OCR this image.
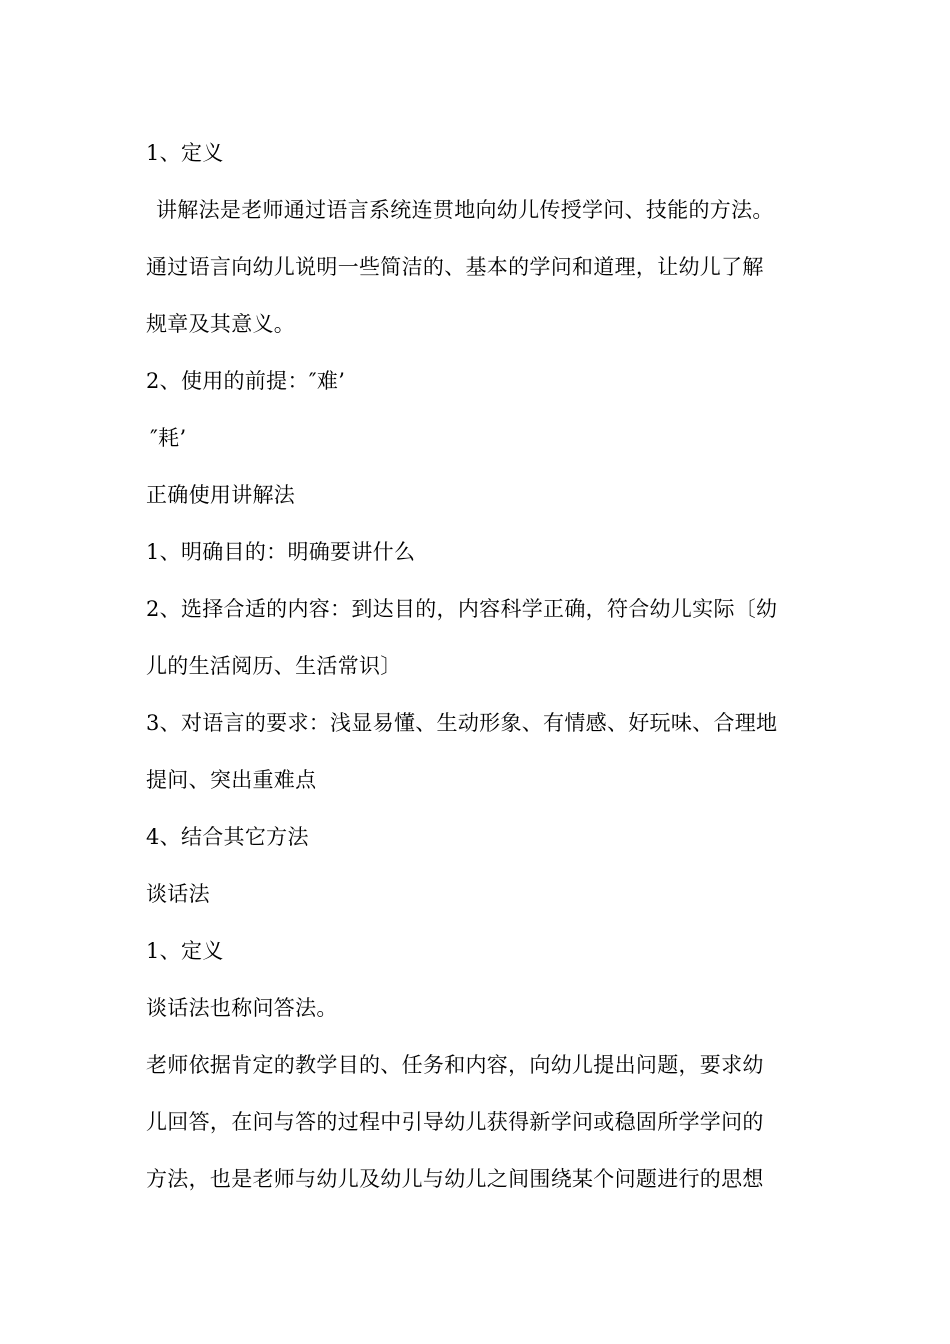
1、定义
讲解法是老师通过语言系统连贯地向幼儿传授学问、技能的方法。
通过语言向幼儿说明一些简洁的、基本的学问和道理，让幼儿了解
规章及其意义。
2、使用的前提：″难’
″耗’
正确使用讲解法
1、明确目的：明确要讲什么
2、选择合适的内容：到达目的，内容科学正确，符合幼儿实际〔幼
儿的生活阅历、生活常识〕
3、对语言的要求：浅显易懂、生动形象、有情感、好玩味、合理地
提问、突出重难点
4、结合其它方法
谈话法
1、定义
谈话法也称问答法。
老师依据肯定的教学目的、任务和内容，向幼儿提出问题，要求幼
儿回答，在问与答的过程中引导幼儿获得新学问或稳固所学学问的
方法，也是老师与幼儿及幼儿与幼儿之间围绕某个问题进行的思想
